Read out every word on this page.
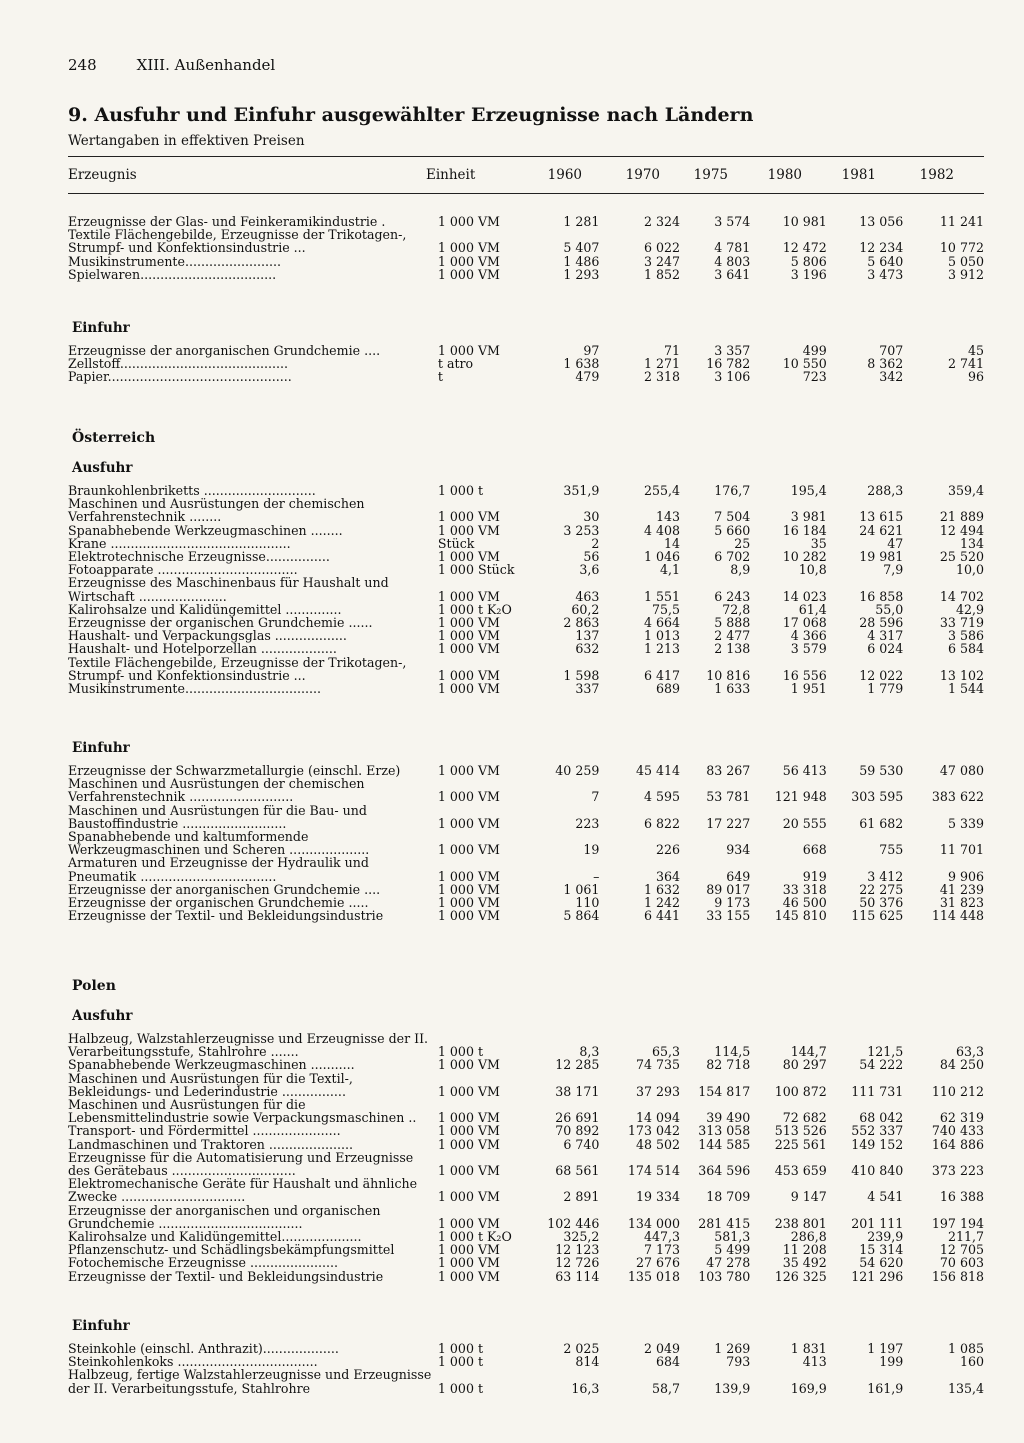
248	XIII. Außenhandel
9. Ausfuhr und Einfuhr ausgewählter Erzeugnisse nach Ländern
Wertangaben in effektiven Preisen
Erzeugnis	Einheit	1960	1970	1975	1980	1981	1982
Erzeugnisse der Glas- und Feinkeramikindustrie .	1 000 VM	1 281	2 324	3 574	10 981	13 056	11 241
Textile Flächengebilde, Erzeugnisse der Trikotagen-, Strumpf- und Konfektionsindustrie ...	1 000 VM	5 407	6 022	4 781	12 472	12 234	10 772
Musikinstrumente........................	1 000 VM	1 486	3 247	4 803	5 806	5 640	5 050
Spielwaren..................................	1 000 VM	1 293	1 852	3 641	3 196	3 473	3 912
Einfuhr
Erzeugnisse der anorganischen Grundchemie ....	1 000 VM	97	71	3 357	499	707	45
Zellstoff..........................................	t atro	1 638	1 271	16 782	10 550	8 362	2 741
Papier..............................................	t	479	2 318	3 106	723	342	96
Österreich
Ausfuhr
Braunkohlenbriketts ............................	1 000 t	351,9	255,4	176,7	195,4	288,3	359,4
Maschinen und Ausrüstungen der chemischen Verfahrenstechnik ........	1 000 VM	30	143	7 504	3 981	13 615	21 889
Spanabhebende Werkzeugmaschinen ........	1 000 VM	3 253	4 408	5 660	16 184	24 621	12 494
Krane .............................................	Stück	2	14	25	35	47	134
Elektrotechnische Erzeugnisse................	1 000 VM	56	1 046	6 702	10 282	19 981	25 520
Fotoapparate ...................................	1 000 Stück	3,6	4,1	8,9	10,8	7,9	10,0
Erzeugnisse des Maschinenbaus für Haushalt und Wirtschaft ......................	1 000 VM	463	1 551	6 243	14 023	16 858	14 702
Kalirohsalze und Kalidüngemittel ..............	1 000 t K₂O	60,2	75,5	72,8	61,4	55,0	42,9
Erzeugnisse der organischen Grundchemie ......	1 000 VM	2 863	4 664	5 888	17 068	28 596	33 719
Haushalt- und Verpackungsglas ..................	1 000 VM	137	1 013	2 477	4 366	4 317	3 586
Haushalt- und Hotelporzellan ...................	1 000 VM	632	1 213	2 138	3 579	6 024	6 584
Textile Flächengebilde, Erzeugnisse der Trikotagen-, Strumpf- und Konfektionsindustrie ...	1 000 VM	1 598	6 417	10 816	16 556	12 022	13 102
Musikinstrumente..................................	1 000 VM	337	689	1 633	1 951	1 779	1 544
Einfuhr
Erzeugnisse der Schwarzmetallurgie (einschl. Erze)	1 000 VM	40 259	45 414	83 267	56 413	59 530	47 080
Maschinen und Ausrüstungen der chemischen Verfahrenstechnik ..........................	1 000 VM	7	4 595	53 781	121 948	303 595	383 622
Maschinen und Ausrüstungen für die Bau- und Baustoffindustrie ..........................	1 000 VM	223	6 822	17 227	20 555	61 682	5 339
Spanabhebende und kaltumformende Werkzeugmaschinen und Scheren ....................	1 000 VM	19	226	934	668	755	11 701
Armaturen und Erzeugnisse der Hydraulik und Pneumatik ..................................	1 000 VM	–	364	649	919	3 412	9 906
Erzeugnisse der anorganischen Grundchemie ....	1 000 VM	1 061	1 632	89 017	33 318	22 275	41 239
Erzeugnisse der organischen Grundchemie .....	1 000 VM	110	1 242	9 173	46 500	50 376	31 823
Erzeugnisse der Textil- und Bekleidungsindustrie	1 000 VM	5 864	6 441	33 155	145 810	115 625	114 448
Polen
Ausfuhr
Halbzeug, Walzstahlerzeugnisse und Erzeugnisse der II. Verarbeitungsstufe, Stahlrohre .......	1 000 t	8,3	65,3	114,5	144,7	121,5	63,3
Spanabhebende Werkzeugmaschinen ...........	1 000 VM	12 285	74 735	82 718	80 297	54 222	84 250
Maschinen und Ausrüstungen für die Textil-, Bekleidungs- und Lederindustrie ................	1 000 VM	38 171	37 293	154 817	100 872	111 731	110 212
Maschinen und Ausrüstungen für die Lebensmittelindustrie sowie Verpackungsmaschinen ..	1 000 VM	26 691	14 094	39 490	72 682	68 042	62 319
Transport- und Fördermittel ......................	1 000 VM	70 892	173 042	313 058	513 526	552 337	740 433
Landmaschinen und Traktoren .....................	1 000 VM	6 740	48 502	144 585	225 561	149 152	164 886
Erzeugnisse für die Automatisierung und Erzeugnisse des Gerätebaus ...............................	1 000 VM	68 561	174 514	364 596	453 659	410 840	373 223
Elektromechanische Geräte für Haushalt und ähnliche Zwecke ...............................	1 000 VM	2 891	19 334	18 709	9 147	4 541	16 388
Erzeugnisse der anorganischen und organischen Grundchemie ....................................	1 000 VM	102 446	134 000	281 415	238 801	201 111	197 194
Kalirohsalze und Kalidüngemittel....................	1 000 t K₂O	325,2	447,3	581,3	286,8	239,9	211,7
Pflanzenschutz- und Schädlingsbekämpfungsmittel	1 000 VM	12 123	7 173	5 499	11 208	15 314	12 705
Fotochemische Erzeugnisse ......................	1 000 VM	12 726	27 676	47 278	35 492	54 620	70 603
Erzeugnisse der Textil- und Bekleidungsindustrie	1 000 VM	63 114	135 018	103 780	126 325	121 296	156 818
Einfuhr
Steinkohle (einschl. Anthrazit)...................	1 000 t	2 025	2 049	1 269	1 831	1 197	1 085
Steinkohlenkoks ...................................	1 000 t	814	684	793	413	199	160
Halbzeug, fertige Walzstahlerzeugnisse und Erzeugnisse der II. Verarbeitungsstufe, Stahlrohre	1 000 t	16,3	58,7	139,9	169,9	161,9	135,4
